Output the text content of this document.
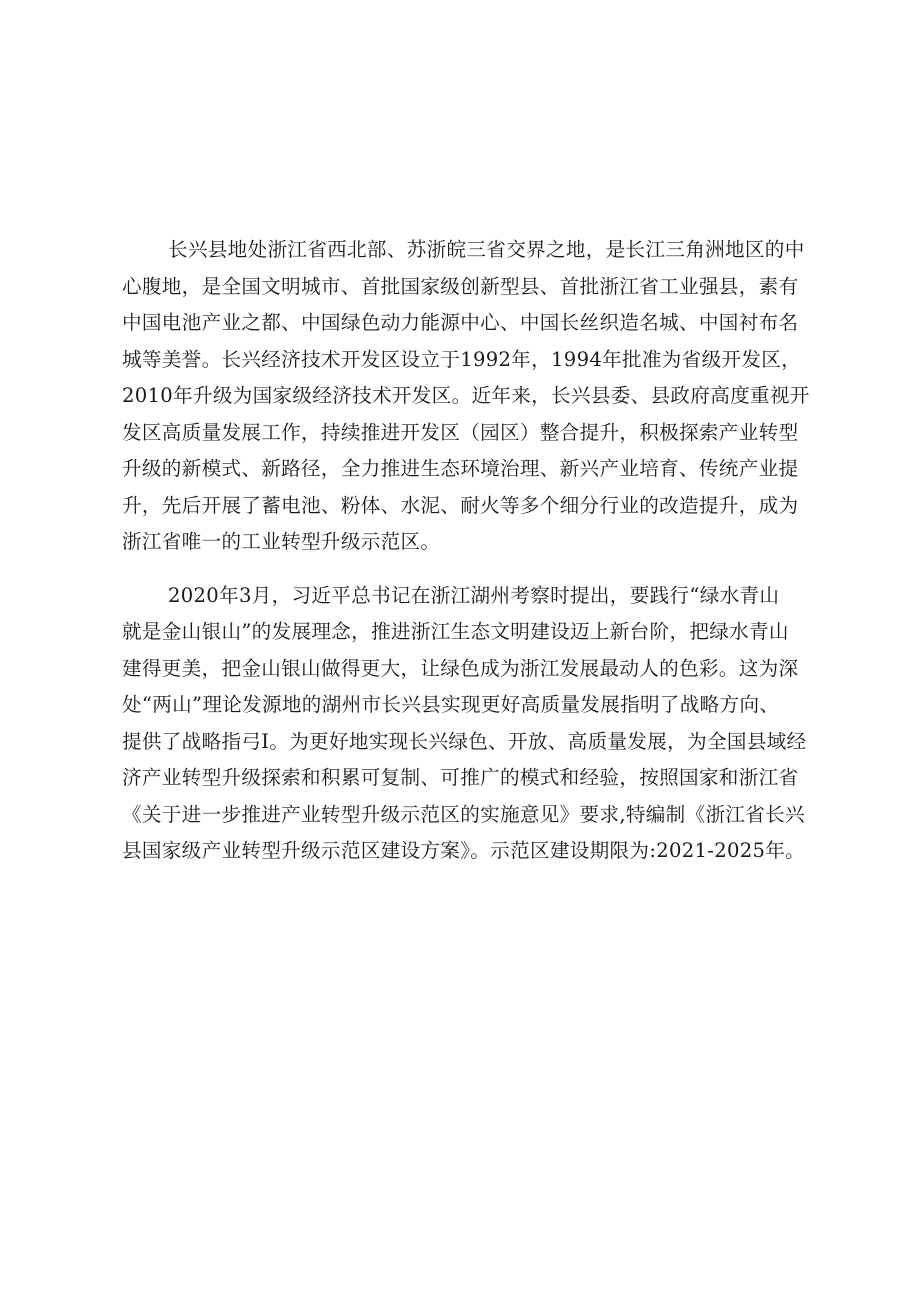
长兴县地处浙江省西北部、苏浙皖三省交界之地，是长江三角洲地区的中
心腹地，是全国文明城市、首批国家级创新型县、首批浙江省工业强县，素有
中国电池产业之都、中国绿色动力能源中心、中国长丝织造名城、中国衬布名
城等美誉。长兴经济技术开发区设立于1992年，1994年批准为省级开发区，
2010年升级为国家级经济技术开发区。近年来，长兴县委、县政府高度重视开
发区高质量发展工作，持续推进开发区（园区）整合提升，积极探索产业转型
升级的新模式、新路径，全力推进生态环境治理、新兴产业培育、传统产业提
升，先后开展了蓄电池、粉体、水泥、耐火等多个细分行业的改造提升，成为
浙江省唯一的工业转型升级示范区。

2020年3月，习近平总书记在浙江湖州考察时提出，要践行“绿水青山
就是金山银山”的发展理念，推进浙江生态文明建设迈上新台阶，把绿水青山
建得更美，把金山银山做得更大，让绿色成为浙江发展最动人的色彩。这为深
处“两山”理论发源地的湖州市长兴县实现更好高质量发展指明了战略方向、
提供了战略指弓I。为更好地实现长兴绿色、开放、高质量发展，为全国县域经
济产业转型升级探索和积累可复制、可推广的模式和经验，按照国家和浙江省
《关于进一步推进产业转型升级示范区的实施意见》要求,特编制《浙江省长兴
县国家级产业转型升级示范区建设方案》。示范区建设期限为:2021-2025年。
